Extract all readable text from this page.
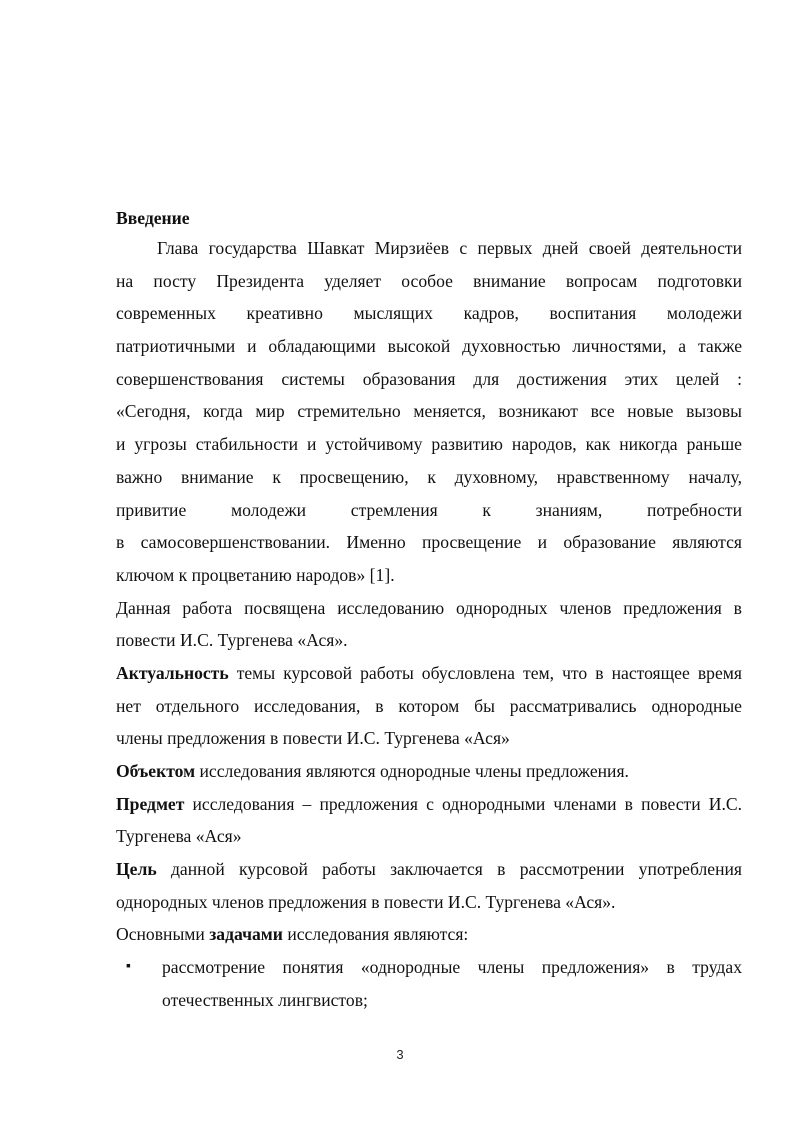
Введение
Глава государства Шавкат Мирзиёев с первых дней своей деятельности
на посту Президента уделяет особое внимание вопросам подготовки
современных креативно мыслящих кадров, воспитания молодежи
патриотичными и обладающими высокой духовностью личностями, а также
совершенствования системы образования для достижения этих целей :
«Сегодня, когда мир стремительно меняется, возникают все новые вызовы
и угрозы стабильности и устойчивому развитию народов, как никогда раньше
важно внимание к просвещению, к духовному, нравственному началу,
привитие молодежи стремления к знаниям, потребности
в самосовершенствовании. Именно просвещение и образование являются
ключом к процветанию народов» [1].
Данная работа посвящена исследованию однородных членов предложения в
повести И.С. Тургенева «Ася».
Актуальность темы курсовой работы обусловлена тем, что в настоящее время
нет отдельного исследования, в котором бы рассматривались однородные
члены предложения в повести И.С. Тургенева «Ася»
Объектом исследования являются однородные члены предложения.
Предмет исследования – предложения с однородными членами в повести И.С.
Тургенева «Ася»
Цель данной курсовой работы заключается в рассмотрении употребления
однородных членов предложения в повести И.С. Тургенева «Ася».
Основными задачами исследования являются:
▪ рассмотрение понятия «однородные члены предложения» в трудах
отечественных лингвистов;
3
